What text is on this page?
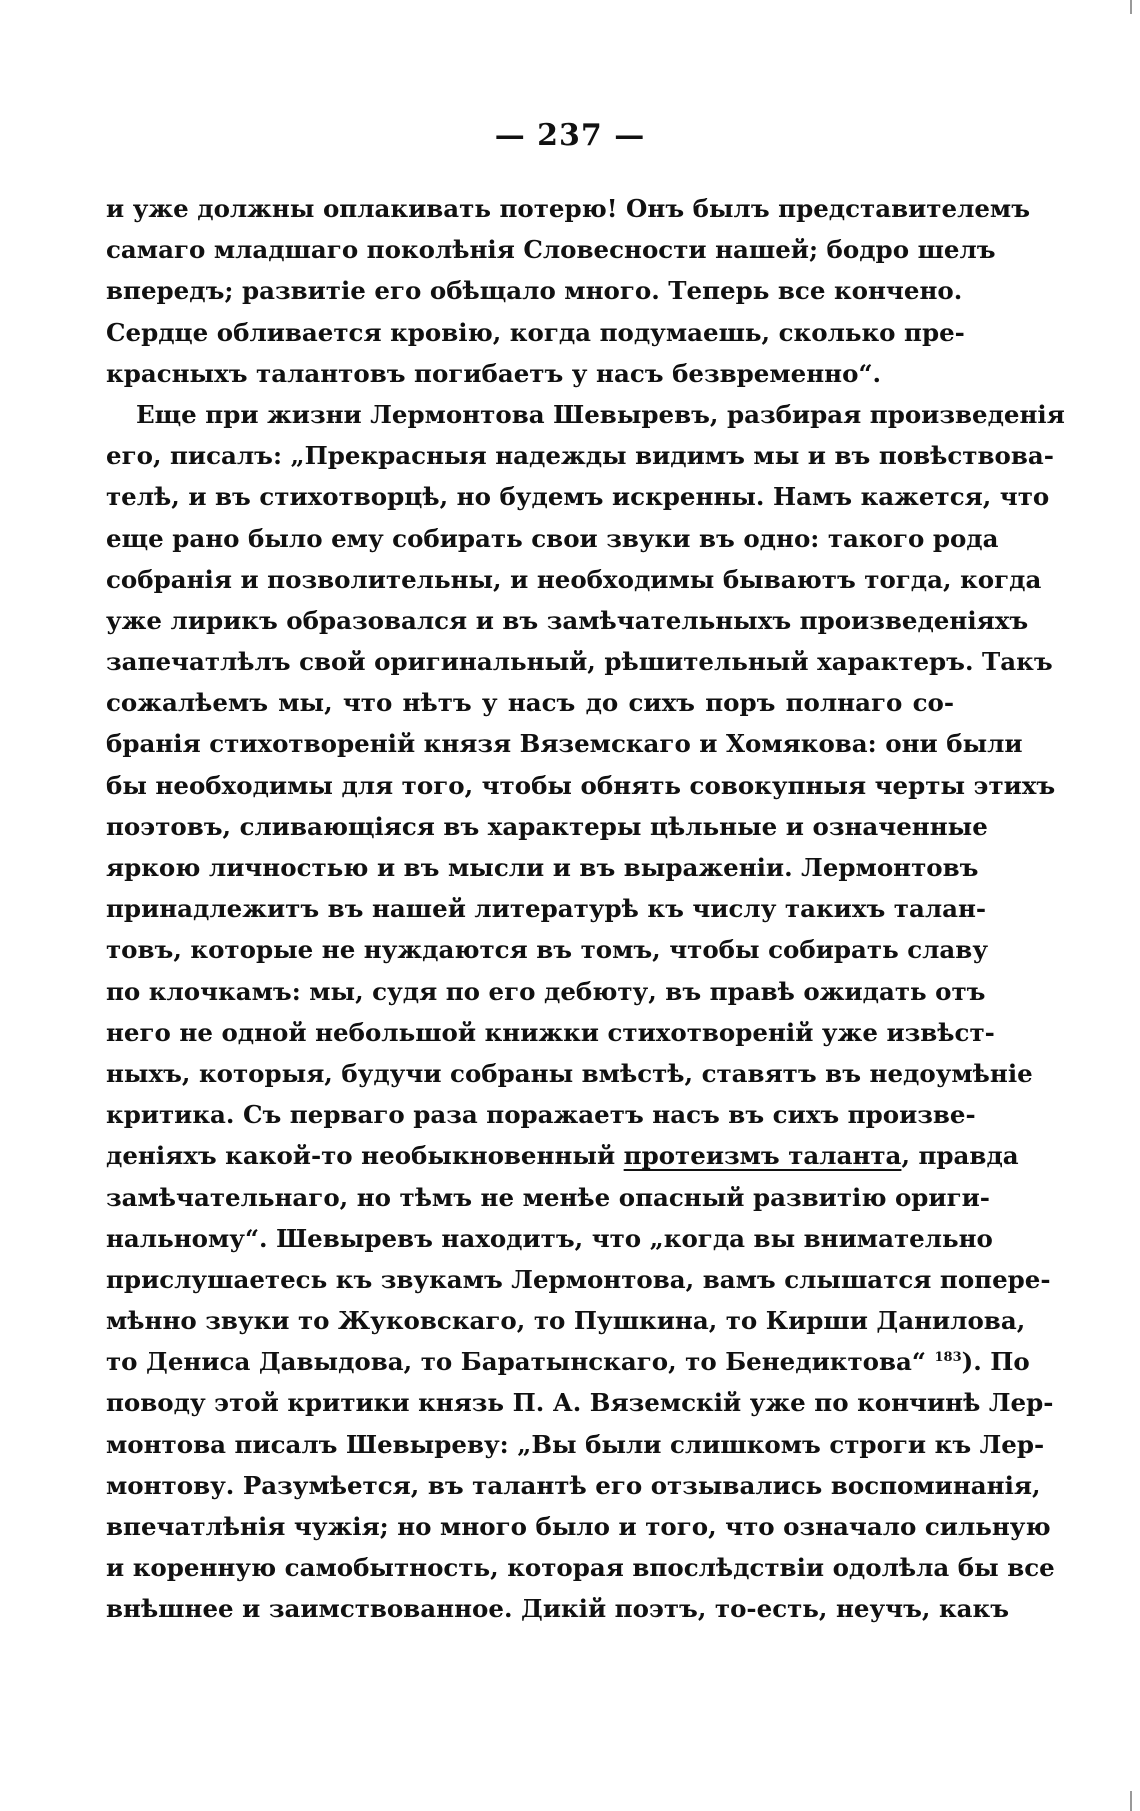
— 237 —
и уже должны оплакивать потерю! Онъ былъ представителемъ
самаго младшаго поколѣнія Словесности нашей; бодро шелъ
впередъ; развитіе его обѣщало много. Теперь все кончено.
Сердце обливается кровію, когда подумаешь, сколько пре-
красныхъ талантовъ погибаетъ у насъ безвременно“.
Еще при жизни Лермонтова Шевыревъ, разбирая произведенія
его, писалъ: „Прекрасныя надежды видимъ мы и въ повѣствова-
телѣ, и въ стихотворцѣ, но будемъ искренны. Намъ кажется, что
еще рано было ему собирать свои звуки въ одно: такого рода
собранія и позволительны, и необходимы бываютъ тогда, когда
уже лирикъ образовался и въ замѣчательныхъ произведеніяхъ
запечатлѣлъ свой оригинальный, рѣшительный характеръ. Такъ
сожалѣемъ мы, что нѣтъ у насъ до сихъ поръ полнаго со-
бранія стихотвореній князя Вяземскаго и Хомякова: они были
бы необходимы для того, чтобы обнять совокупныя черты этихъ
поэтовъ, сливающіяся въ характеры цѣльные и означенные
яркою личностью и въ мысли и въ выраженіи. Лермонтовъ
принадлежитъ въ нашей литературѣ къ числу такихъ талан-
товъ, которые не нуждаются въ томъ, чтобы собирать славу
по клочкамъ: мы, судя по его дебюту, въ правѣ ожидать отъ
него не одной небольшой книжки стихотвореній уже извѣст-
ныхъ, которыя, будучи собраны вмѣстѣ, ставятъ въ недоумѣніе
критика. Съ перваго раза поражаетъ насъ въ сихъ произве-
деніяхъ какой-то необыкновенный протеизмъ таланта, правда
замѣчательнаго, но тѣмъ не менѣе опасный развитію ориги-
нальному“. Шевыревъ находитъ, что „когда вы внимательно
прислушаетесь къ звукамъ Лермонтова, вамъ слышатся попере-
мѣнно звуки то Жуковскаго, то Пушкина, то Кирши Данилова,
то Дениса Давыдова, то Баратынскаго, то Бенедиктова“ $^{183}$). По
поводу этой критики князь П. А. Вяземскій уже по кончинѣ Лер-
монтова писалъ Шевыреву: „Вы были слишкомъ строги къ Лер-
монтову. Разумѣется, въ талантѣ его отзывались воспоминанія,
впечатлѣнія чужія; но много было и того, что означало сильную
и коренную самобытность, которая впослѣдствіи одолѣла бы все
внѣшнее и заимствованное. Дикій поэтъ, то-есть, неучъ, какъ
